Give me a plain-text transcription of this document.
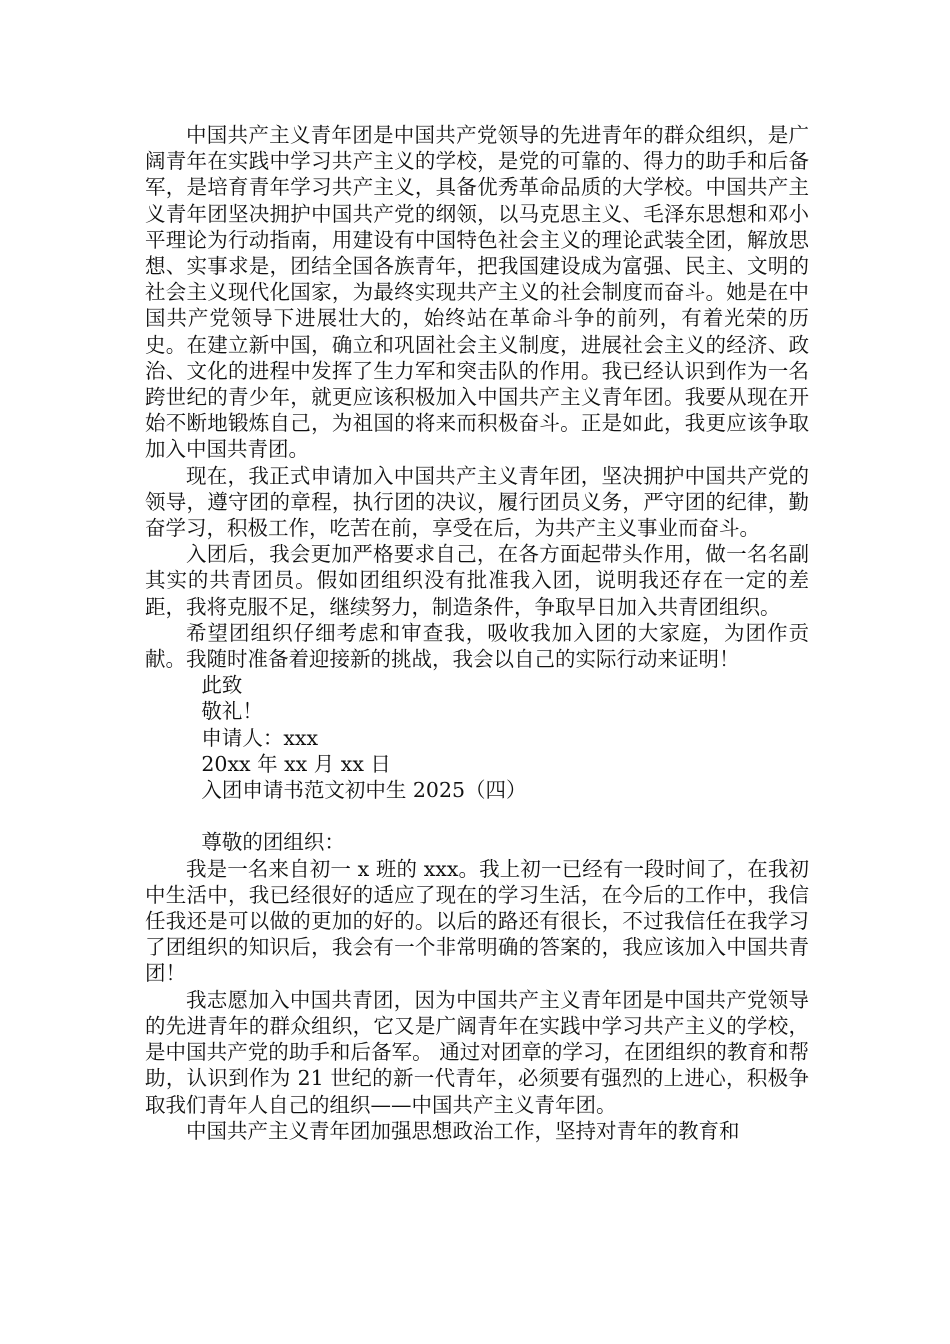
中国共产主义青年团是中国共产党领导的先进青年的群众组织，是广阔青年在实践中学习共产主义的学校，是党的可靠的、得力的助手和后备军，是培育青年学习共产主义，具备优秀革命品质的大学校。中国共产主义青年团坚决拥护中国共产党的纲领，以马克思主义、毛泽东思想和邓小平理论为行动指南，用建设有中国特色社会主义的理论武装全团，解放思想、实事求是，团结全国各族青年，把我国建设成为富强、民主、文明的社会主义现代化国家，为最终实现共产主义的社会制度而奋斗。她是在中国共产党领导下进展壮大的，始终站在革命斗争的前列，有着光荣的历史。在建立新中国，确立和巩固社会主义制度，进展社会主义的经济、政治、文化的进程中发挥了生力军和突击队的作用。我已经认识到作为一名跨世纪的青少年，就更应该积极加入中国共产主义青年团。我要从现在开始不断地锻炼自己，为祖国的将来而积极奋斗。正是如此，我更应该争取加入中国共青团。

现在，我正式申请加入中国共产主义青年团，坚决拥护中国共产党的领导，遵守团的章程，执行团的决议，履行团员义务，严守团的纪律，勤奋学习，积极工作，吃苦在前，享受在后，为共产主义事业而奋斗。

入团后，我会更加严格要求自己，在各方面起带头作用，做一名名副其实的共青团员。假如团组织没有批准我入团，说明我还存在一定的差距，我将克服不足，继续努力，制造条件，争取早日加入共青团组织。

希望团组织仔细考虑和审查我，吸收我加入团的大家庭，为团作贡献。我随时准备着迎接新的挑战，我会以自己的实际行动来证明！

此致

敬礼！

申请人：xxx

20xx 年 xx 月 xx 日

入团申请书范文初中生 2025（四）

尊敬的团组织：

我是一名来自初一 x 班的 xxx。我上初一已经有一段时间了，在我初中生活中，我已经很好的适应了现在的学习生活，在今后的工作中，我信任我还是可以做的更加的好的。以后的路还有很长，不过我信任在我学习了团组织的知识后，我会有一个非常明确的答案的，我应该加入中国共青团！

我志愿加入中国共青团，因为中国共产主义青年团是中国共产党领导的先进青年的群众组织，它又是广阔青年在实践中学习共产主义的学校，是中国共产党的助手和后备军。 通过对团章的学习，在团组织的教育和帮助，认识到作为 21 世纪的新一代青年，必须要有强烈的上进心，积极争取我们青年人自己的组织——中国共产主义青年团。

中国共产主义青年团加强思想政治工作，坚持对青年的教育和
